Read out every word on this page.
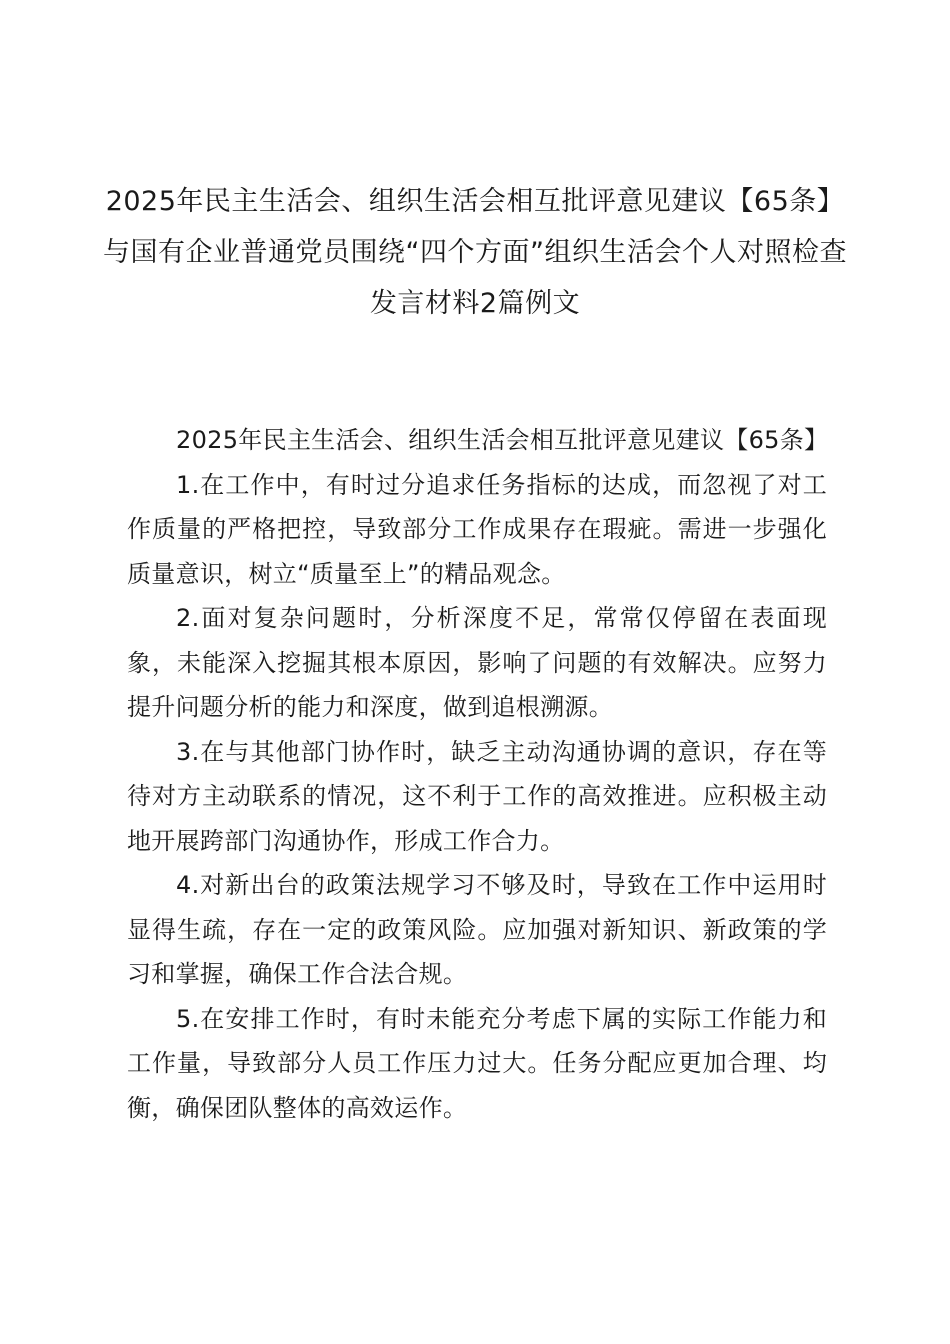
2025年民主生活会、组织生活会相互批评意见建议【65条】与国有企业普通党员围绕“四个方面”组织生活会个人对照检查发言材料2篇例文

2025年民主生活会、组织生活会相互批评意见建议【65条】

1.在工作中，有时过分追求任务指标的达成，而忽视了对工作质量的严格把控，导致部分工作成果存在瑕疵。需进一步强化质量意识，树立“质量至上”的精品观念。

2.面对复杂问题时，分析深度不足，常常仅停留在表面现象，未能深入挖掘其根本原因，影响了问题的有效解决。应努力提升问题分析的能力和深度，做到追根溯源。

3.在与其他部门协作时，缺乏主动沟通协调的意识，存在等待对方主动联系的情况，这不利于工作的高效推进。应积极主动地开展跨部门沟通协作，形成工作合力。

4.对新出台的政策法规学习不够及时，导致在工作中运用时显得生疏，存在一定的政策风险。应加强对新知识、新政策的学习和掌握，确保工作合法合规。

5.在安排工作时，有时未能充分考虑下属的实际工作能力和工作量，导致部分人员工作压力过大。任务分配应更加合理、均衡，确保团队整体的高效运作。
